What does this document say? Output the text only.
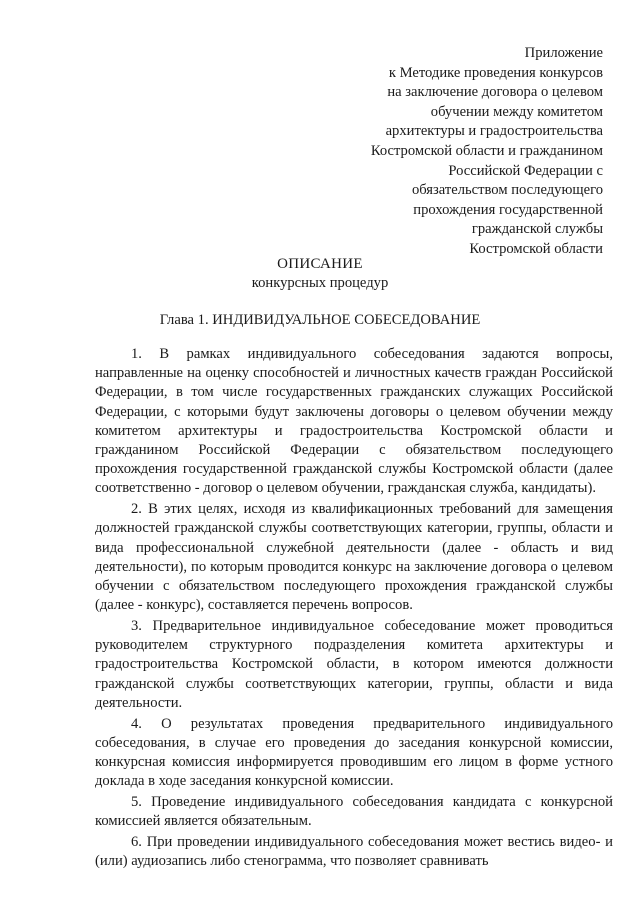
Приложение
к Методике проведения конкурсов
на заключение договора о целевом
обучении между комитетом
архитектуры и градостроительства
Костромской области и гражданином
Российской Федерации с
обязательством последующего
прохождения государственной
гражданской службы
Костромской области
ОПИСАНИЕ
конкурсных процедур
Глава 1. ИНДИВИДУАЛЬНОЕ СОБЕСЕДОВАНИЕ

1. В рамках индивидуального собеседования задаются вопросы, направленные на оценку способностей и личностных качеств граждан Российской Федерации, в том числе государственных гражданских служащих Российской Федерации, с которыми будут заключены договоры о целевом обучении между комитетом архитектуры и градостроительства Костромской области и гражданином Российской Федерации с обязательством последующего прохождения государственной гражданской службы Костромской области (далее соответственно - договор о целевом обучении, гражданская служба, кандидаты).

2. В этих целях, исходя из квалификационных требований для замещения должностей гражданской службы соответствующих категории, группы, области и вида профессиональной служебной деятельности (далее - область и вид деятельности), по которым проводится конкурс на заключение договора о целевом обучении с обязательством последующего прохождения гражданской службы (далее - конкурс), составляется перечень вопросов.

3. Предварительное индивидуальное собеседование может проводиться руководителем структурного подразделения комитета архитектуры и градостроительства Костромской области, в котором имеются должности гражданской службы соответствующих категории, группы, области и вида деятельности.

4. О результатах проведения предварительного индивидуального собеседования, в случае его проведения до заседания конкурсной комиссии, конкурсная комиссия информируется проводившим его лицом в форме устного доклада в ходе заседания конкурсной комиссии.

5. Проведение индивидуального собеседования кандидата с конкурсной комиссией является обязательным.

6. При проведении индивидуального собеседования может вестись видео- и (или) аудиозапись либо стенограмма, что позволяет сравнивать
